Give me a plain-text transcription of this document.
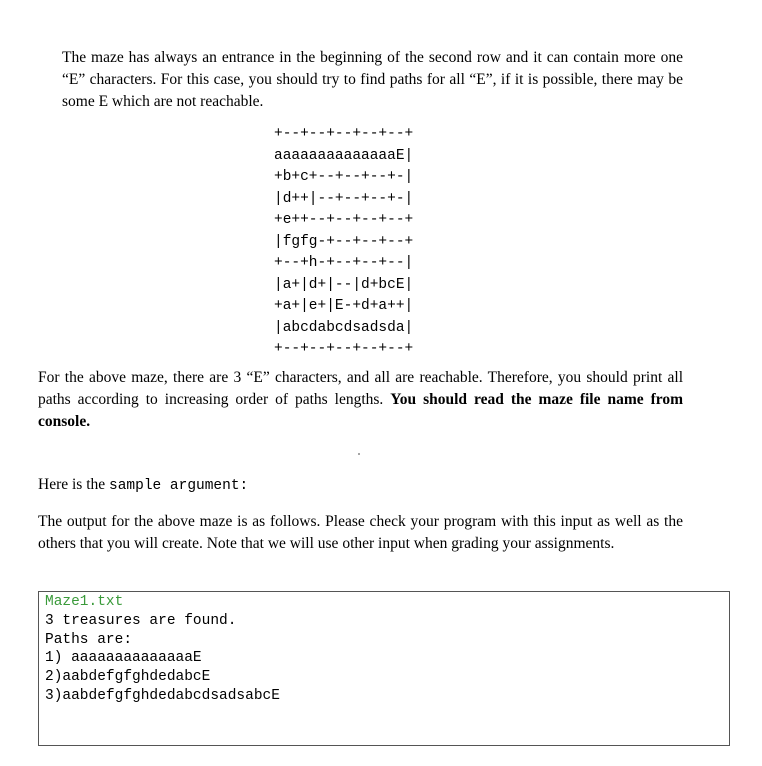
The maze has always an entrance in the beginning of the second row and it can contain more one “E” characters. For this case, you should try to find paths for all “E”, if it is possible, there may be some E which are not reachable.

+--+--+--+--+--+
aaaaaaaaaaaaaaE|
+b+c+--+--+--+-|
|d++|--+--+--+-|
+e++--+--+--+--+
|fgfg-+--+--+--+
+--+h-+--+--+--|
|a+|d+|--|d+bcE|
+a+|e+|E-+d+a++|
|abcdabcdsadsda|
+--+--+--+--+--+

For the above maze, there are 3 “E” characters, and all are reachable. Therefore, you should print all paths according to increasing order of paths lengths. You should read the maze file name from console.

Here is the sample argument:

The output for the above maze is as follows. Please check your program with this input as well as the others that you will create. Note that we will use other input when grading your assignments.

Maze1.txt
3 treasures are found.
Paths are:
1) aaaaaaaaaaaaaaE
2)aabdefgfghdedabcE
3)aabdefgfghdedabcdsadsabcE
